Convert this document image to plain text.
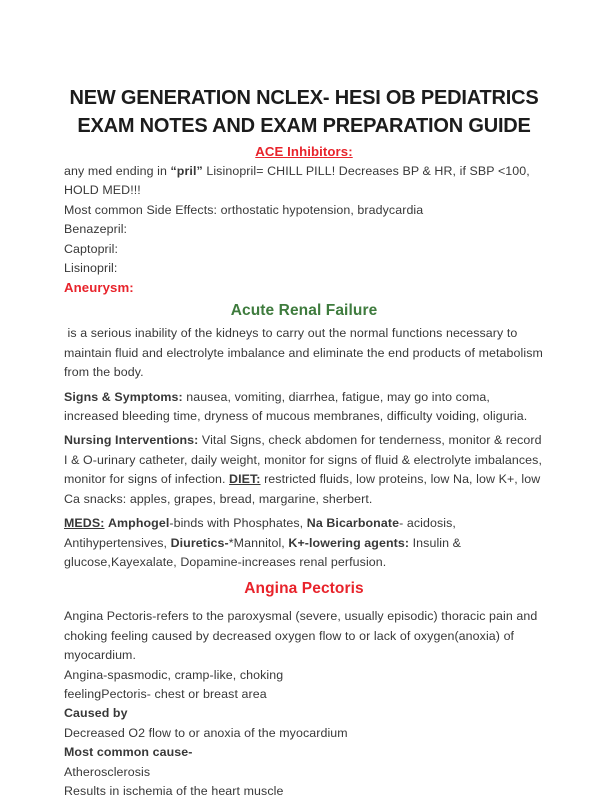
NEW GENERATION NCLEX- HESI OB PEDIATRICS
EXAM NOTES AND EXAM PREPARATION GUIDE
ACE Inhibitors:
any med ending in “pril” Lisinopril= CHILL PILL! Decreases BP & HR, if SBP <100, HOLD MED!!!
Most common Side Effects: orthostatic hypotension, bradycardia
Benazepril:
Captopril:
Lisinopril:
Aneurysm:
Acute Renal Failure
is a serious inability of the kidneys to carry out the normal functions necessary to maintain fluid and electrolyte imbalance and eliminate the end products of metabolism from the body.
Signs & Symptoms: nausea, vomiting, diarrhea, fatigue, may go into coma, increased bleeding time, dryness of mucous membranes, difficulty voiding, oliguria.
Nursing Interventions: Vital Signs, check abdomen for tenderness, monitor & record I & O-urinary catheter, daily weight, monitor for signs of fluid & electrolyte imbalances, monitor for signs of infection. DIET: restricted fluids, low proteins, low Na, low K+, low Ca snacks: apples, grapes, bread, margarine, sherbert.
MEDS: Amphogel-binds with Phosphates, Na Bicarbonate- acidosis, Antihypertensives, Diuretics-*Mannitol, K+-lowering agents: Insulin & glucose,Kayexalate, Dopamine-increases renal perfusion.
Angina Pectoris
Angina Pectoris-refers to the paroxysmal (severe, usually episodic) thoracic pain and choking feeling caused by decreased oxygen flow to or lack of oxygen(anoxia) of myocardium.
Angina-spasmodic, cramp-like, choking
feelingPectoris- chest or breast area
Caused by
Decreased O2 flow to or anoxia of the myocardium
Most common cause-
Atherosclerosis
Results in ischemia of the heart muscle
